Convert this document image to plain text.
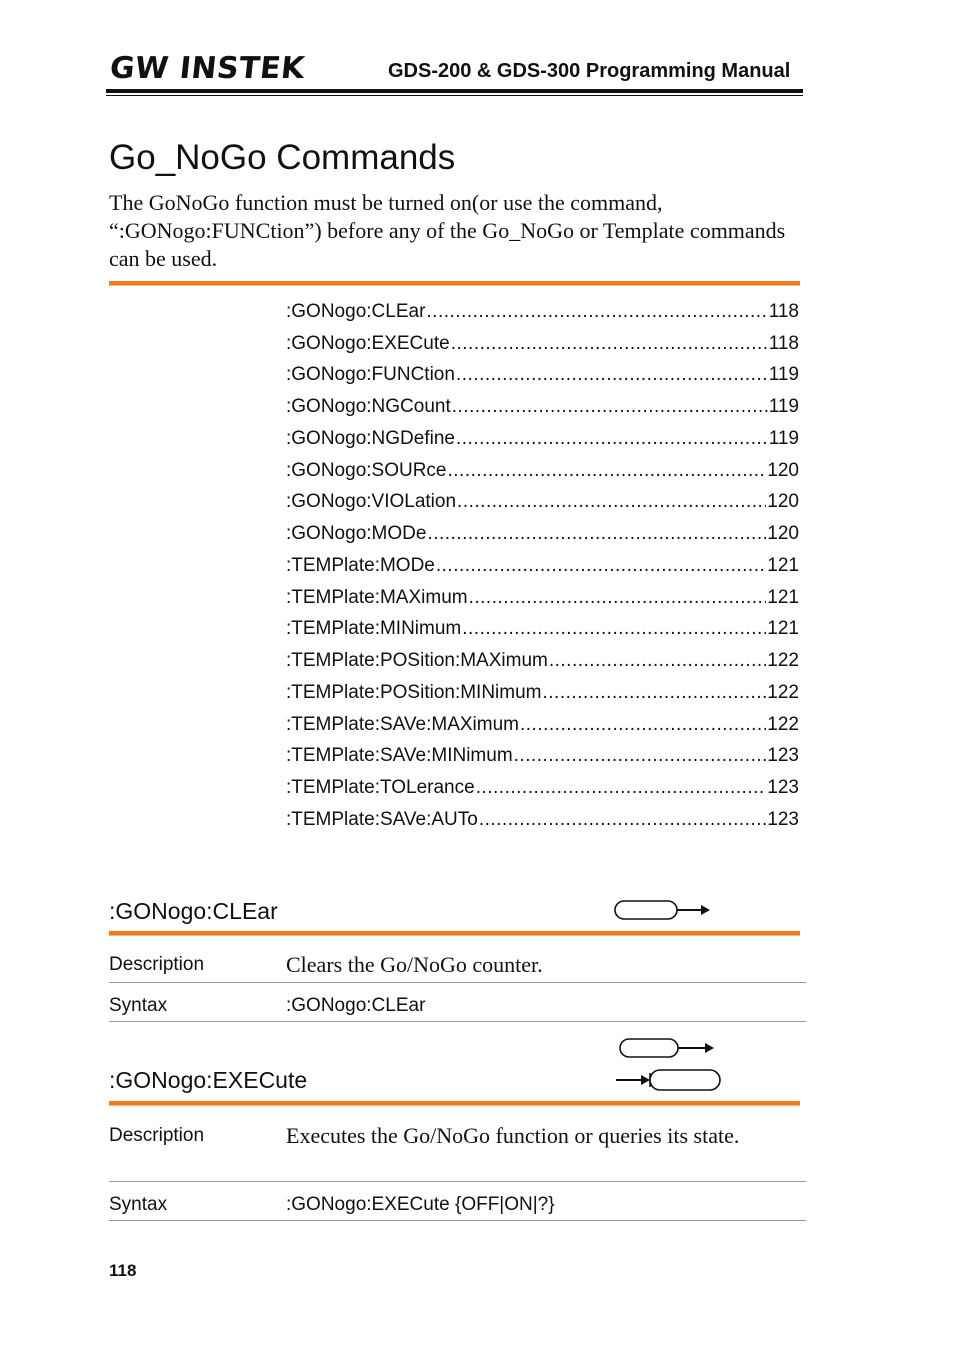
GW INSTEK	GDS-200 & GDS-300 Programming Manual
Go_NoGo Commands
The GoNoGo function must be turned on(or use the command, “:GONogo:FUNCtion”) before any of the Go_NoGo or Template commands can be used.
:GONogo:CLEar .....	118
:GONogo:EXECute .....	118
:GONogo:FUNCtion .....	119
:GONogo:NGCount .....	119
:GONogo:NGDefine .....	119
:GONogo:SOURce .....	120
:GONogo:VIOLation .....	120
:GONogo:MODe .....	120
:TEMPlate:MODe .....	121
:TEMPlate:MAXimum .....	121
:TEMPlate:MINimum .....	121
:TEMPlate:POSition:MAXimum .....	122
:TEMPlate:POSition:MINimum .....	122
:TEMPlate:SAVe:MAXimum .....	122
:TEMPlate:SAVe:MINimum .....	123
:TEMPlate:TOLerance .....	123
:TEMPlate:SAVe:AUTo .....	123
:GONogo:CLEar
Description	Clears the Go/NoGo counter.
Syntax	:GONogo:CLEar
:GONogo:EXECute
Description	Executes the Go/NoGo function or queries its state.
Syntax	:GONogo:EXECute {OFF|ON|?}
118
